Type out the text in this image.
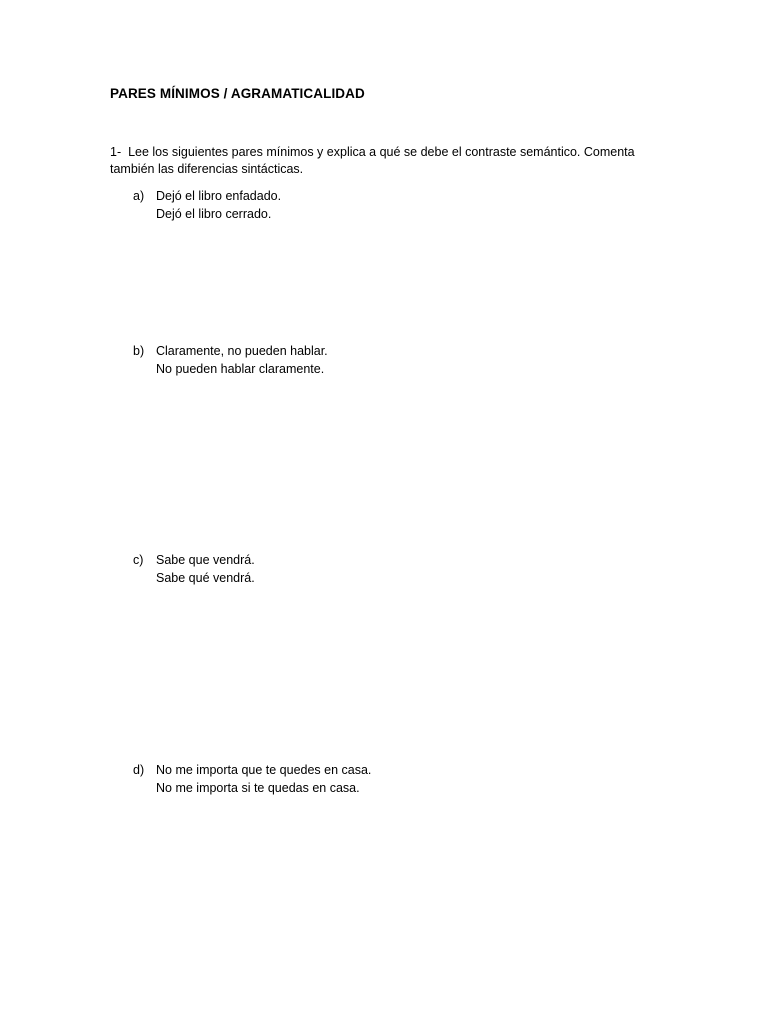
PARES MÍNIMOS / AGRAMATICALIDAD
1- Lee los siguientes pares mínimos y explica a qué se debe el contraste semántico. Comenta también las diferencias sintácticas.
a) Dejó el libro enfadado.
Dejó el libro cerrado.
b) Claramente, no pueden hablar.
No pueden hablar claramente.
c) Sabe que vendrá.
Sabe qué vendrá.
d) No me importa que te quedes en casa.
No me importa si te quedas en casa.
